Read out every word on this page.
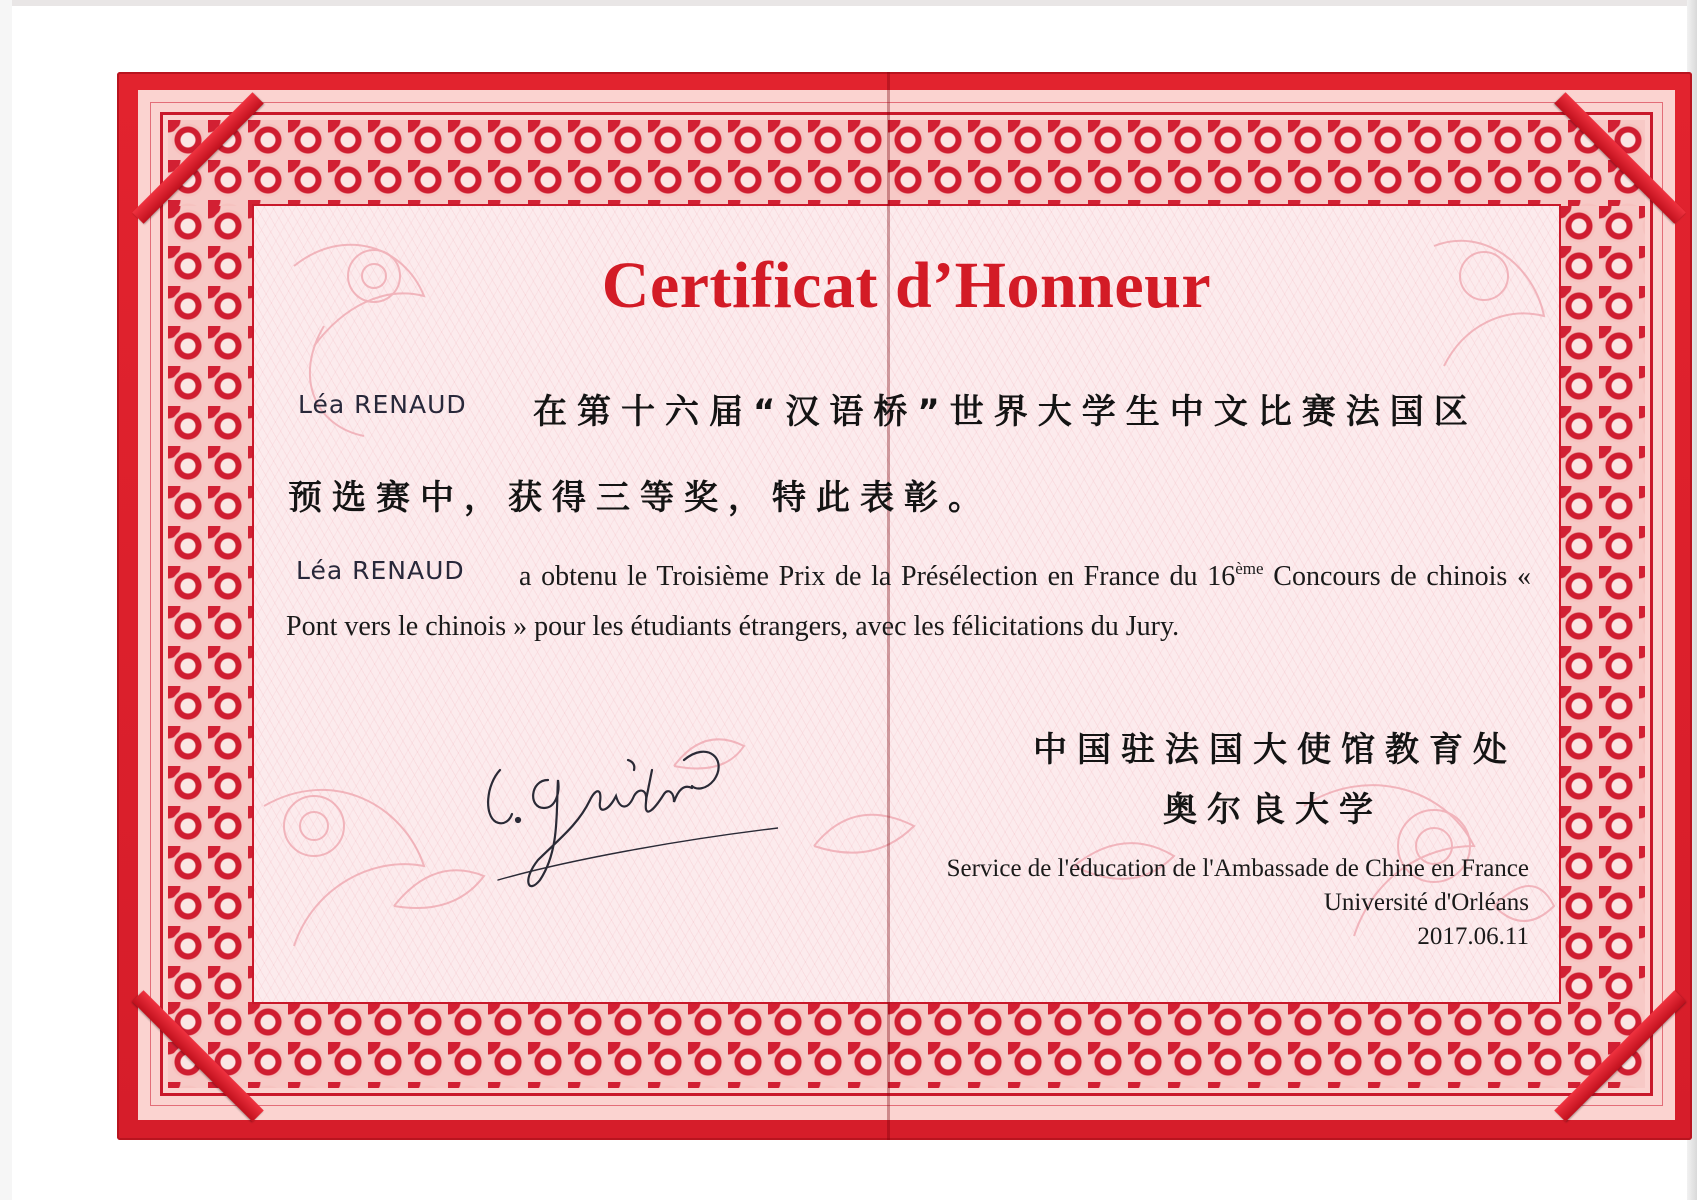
Certificat d’Honneur
Léa RENAUD 在第十六届“汉语桥”世界大学生中文比赛法国区
预选赛中，获得三等奖，特此表彰。
Léa RENAUD	a obtenu le Troisième Prix de la Présélection en France du 16ème Concours de chinois « Pont vers le chinois » pour les étudiants étrangers, avec les félicitations du Jury.
中国驻法国大使馆教育处
奥尔良大学
Service de l'éducation de l'Ambassade de Chine en France
Université d'Orléans
2017.06.11
